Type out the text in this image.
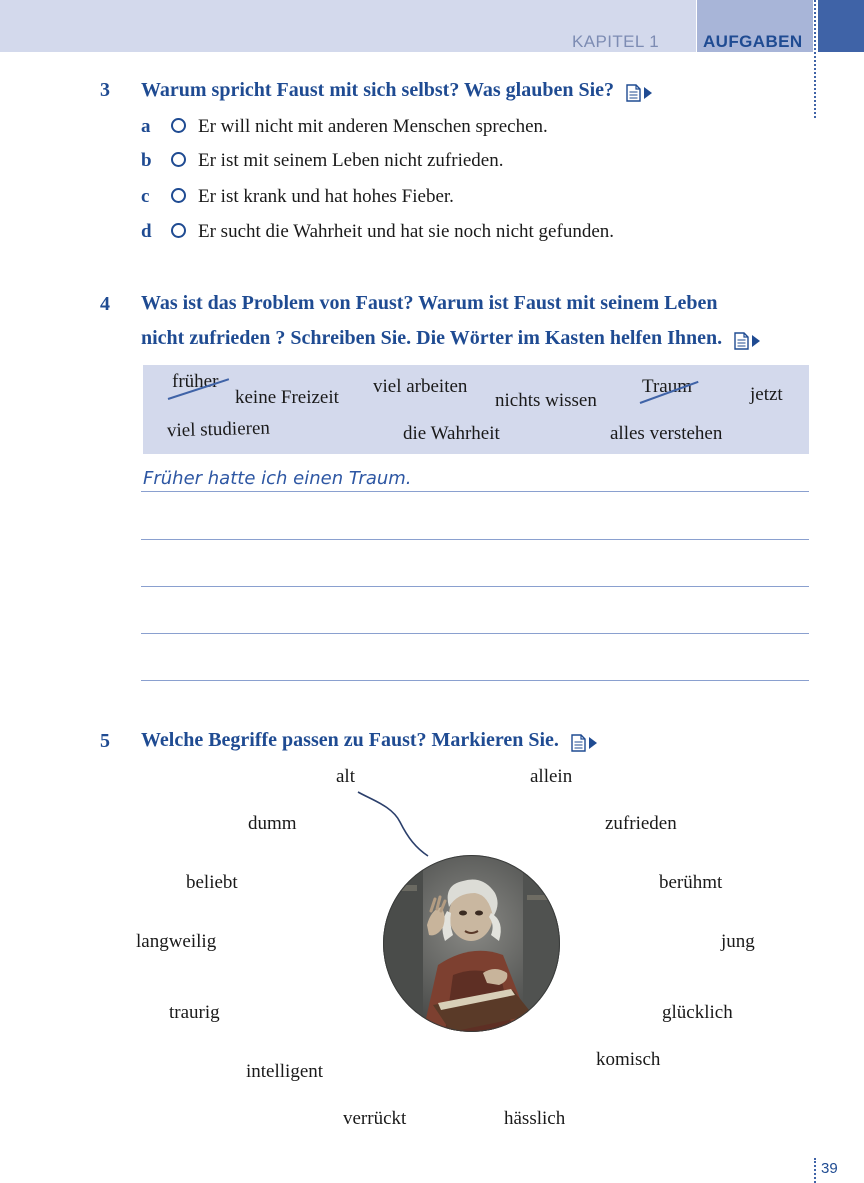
KAPITEL 1	AUFGABEN
39
3 Warum spricht Faust mit sich selbst? Was glauben Sie?
a	Er will nicht mit anderen Menschen sprechen.
b Er ist mit seinem Leben nicht zufrieden.
c	Er ist krank und hat hohes Fieber.
d Er sucht die Wahrheit und hat sie noch nicht gefunden.
4 Was ist das Problem von Faust? Warum ist Faust mit seinem Leben
nicht zufrieden ? Schreiben Sie. Die Wörter im Kasten helfen Ihnen.
früher
keine Freizeit
viel arbeiten
nichts wissen
Traum	jetzt
viel studieren	die Wahrheit	alles verstehen
Früher hatte ich einen Traum.
5 Welche Begriffe passen zu Faust? Markieren Sie.
alt	allein
dumm	zufrieden
beliebt	berühmt
langweilig	jung
traurig	glücklich
intelligent
komisch
verrückt	hässlich
